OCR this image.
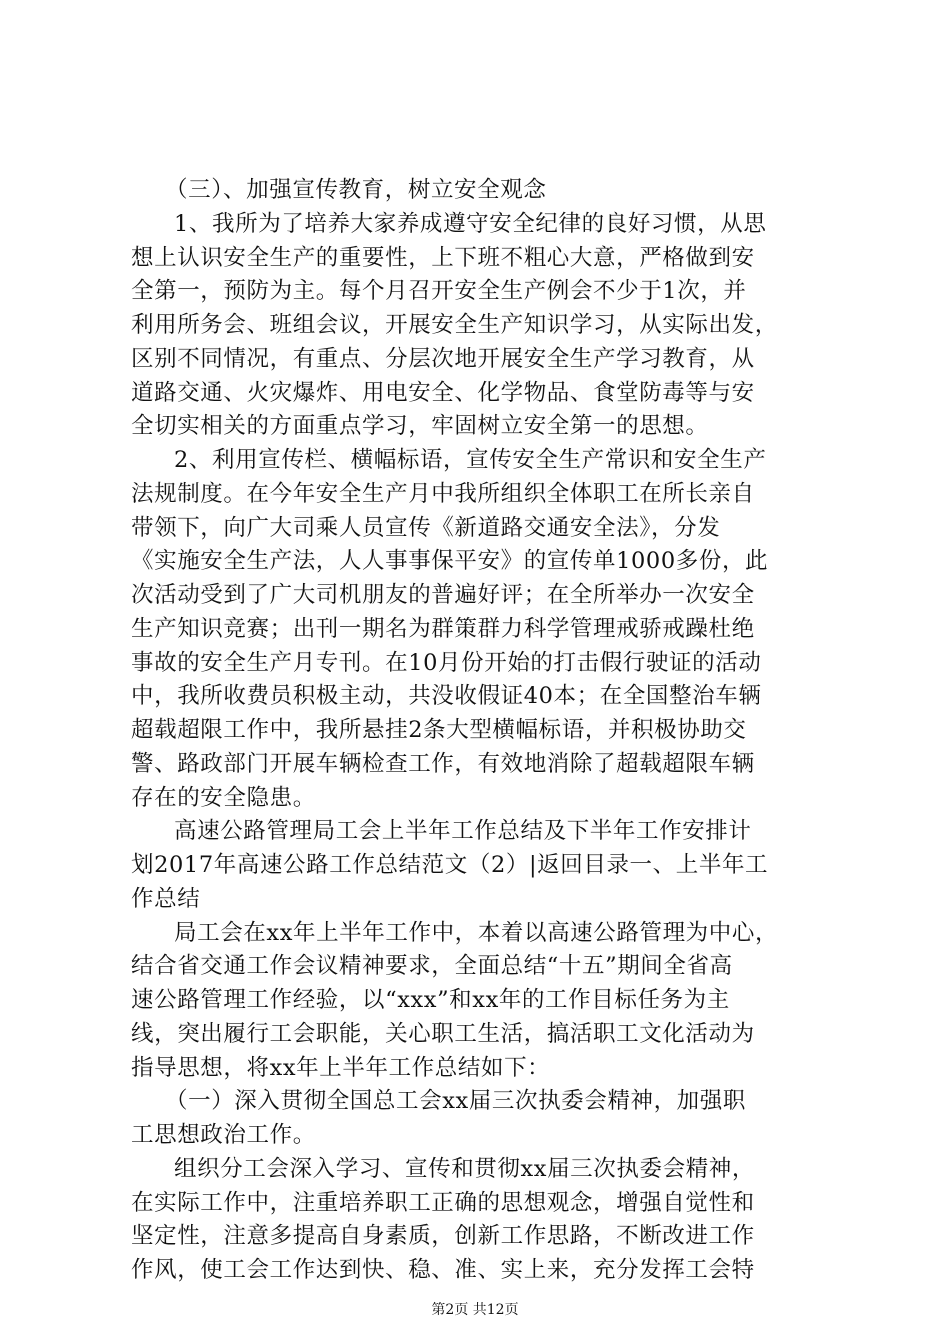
（三）、加强宣传教育，树立安全观念
1、我所为了培养大家养成遵守安全纪律的良好习惯，从思
想上认识安全生产的重要性，上下班不粗心大意，严格做到安
全第一，预防为主。每个月召开安全生产例会不少于1次，并
利用所务会、班组会议，开展安全生产知识学习，从实际出发，
区别不同情况，有重点、分层次地开展安全生产学习教育，从
道路交通、火灾爆炸、用电安全、化学物品、食堂防毒等与安
全切实相关的方面重点学习，牢固树立安全第一的思想。
2、利用宣传栏、横幅标语，宣传安全生产常识和安全生产
法规制度。在今年安全生产月中我所组织全体职工在所长亲自
带领下，向广大司乘人员宣传《新道路交通安全法》，分发
《实施安全生产法，人人事事保平安》的宣传单1000多份，此
次活动受到了广大司机朋友的普遍好评；在全所举办一次安全
生产知识竞赛；出刊一期名为群策群力科学管理戒骄戒躁杜绝
事故的安全生产月专刊。在10月份开始的打击假行驶证的活动
中，我所收费员积极主动，共没收假证40本；在全国整治车辆
超载超限工作中，我所悬挂2条大型横幅标语，并积极协助交
警、路政部门开展车辆检查工作，有效地消除了超载超限车辆
存在的安全隐患。
高速公路管理局工会上半年工作总结及下半年工作安排计
划2017年高速公路工作总结范文（2）|返回目录一、上半年工
作总结
局工会在xx年上半年工作中，本着以高速公路管理为中心，
结合省交通工作会议精神要求，全面总结“十五”期间全省高
速公路管理工作经验，以“xxx”和xx年的工作目标任务为主
线，突出履行工会职能，关心职工生活，搞活职工文化活动为
指导思想，将xx年上半年工作总结如下：
（一）深入贯彻全国总工会xx届三次执委会精神，加强职
工思想政治工作。
组织分工会深入学习、宣传和贯彻xx届三次执委会精神，
在实际工作中，注重培养职工正确的思想观念，增强自觉性和
坚定性，注意多提高自身素质，创新工作思路，不断改进工作
作风，使工会工作达到快、稳、准、实上来，充分发挥工会特
第2页 共12页
